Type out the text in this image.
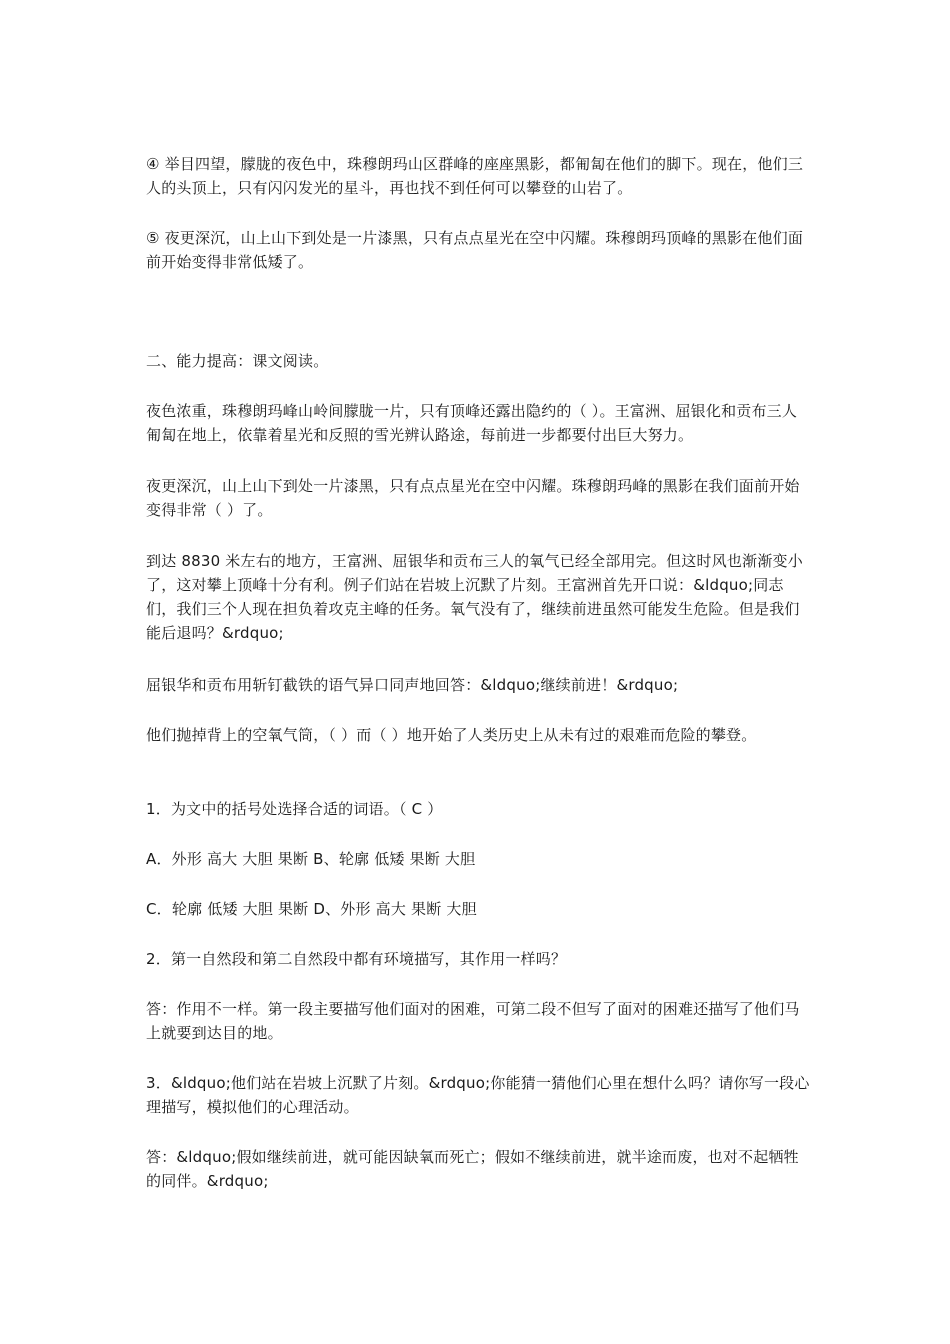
④ 举目四望，朦胧的夜色中，珠穆朗玛山区群峰的座座黑影，都匍匐在他们的脚下。现在，他们三人的头顶上，只有闪闪发光的星斗，再也找不到任何可以攀登的山岩了。

⑤ 夜更深沉，山上山下到处是一片漆黑，只有点点星光在空中闪耀。珠穆朗玛顶峰的黑影在他们面前开始变得非常低矮了。

二、能力提高：课文阅读。

夜色浓重，珠穆朗玛峰山岭间朦胧一片，只有顶峰还露出隐约的（ ）。王富洲、屈银化和贡布三人匍匐在地上，依靠着星光和反照的雪光辨认路途，每前进一步都要付出巨大努力。

夜更深沉，山上山下到处一片漆黑，只有点点星光在空中闪耀。珠穆朗玛峰的黑影在我们面前开始变得非常（ ）了。

到达 8830 米左右的地方，王富洲、屈银华和贡布三人的氧气已经全部用完。但这时风也渐渐变小了，这对攀上顶峰十分有利。例子们站在岩坡上沉默了片刻。王富洲首先开口说：&ldquo;同志们，我们三个人现在担负着攻克主峰的任务。氧气没有了，继续前进虽然可能发生危险。但是我们能后退吗？&rdquo;

屈银华和贡布用斩钉截铁的语气异口同声地回答：&ldquo;继续前进！&rdquo;

他们抛掉背上的空氧气筒，（ ）而（ ）地开始了人类历史上从未有过的艰难而危险的攀登。

1．为文中的括号处选择合适的词语。（ C ）

A．外形 高大 大胆 果断 B、轮廓 低矮 果断 大胆

C．轮廓 低矮 大胆 果断 D、外形 高大 果断 大胆

2．第一自然段和第二自然段中都有环境描写，其作用一样吗？

答：作用不一样。第一段主要描写他们面对的困难，可第二段不但写了面对的困难还描写了他们马上就要到达目的地。

3．&ldquo;他们站在岩坡上沉默了片刻。&rdquo;你能猜一猜他们心里在想什么吗？请你写一段心理描写，模拟他们的心理活动。

答：&ldquo;假如继续前进，就可能因缺氧而死亡；假如不继续前进，就半途而废，也对不起牺牲的同伴。&rdquo;
